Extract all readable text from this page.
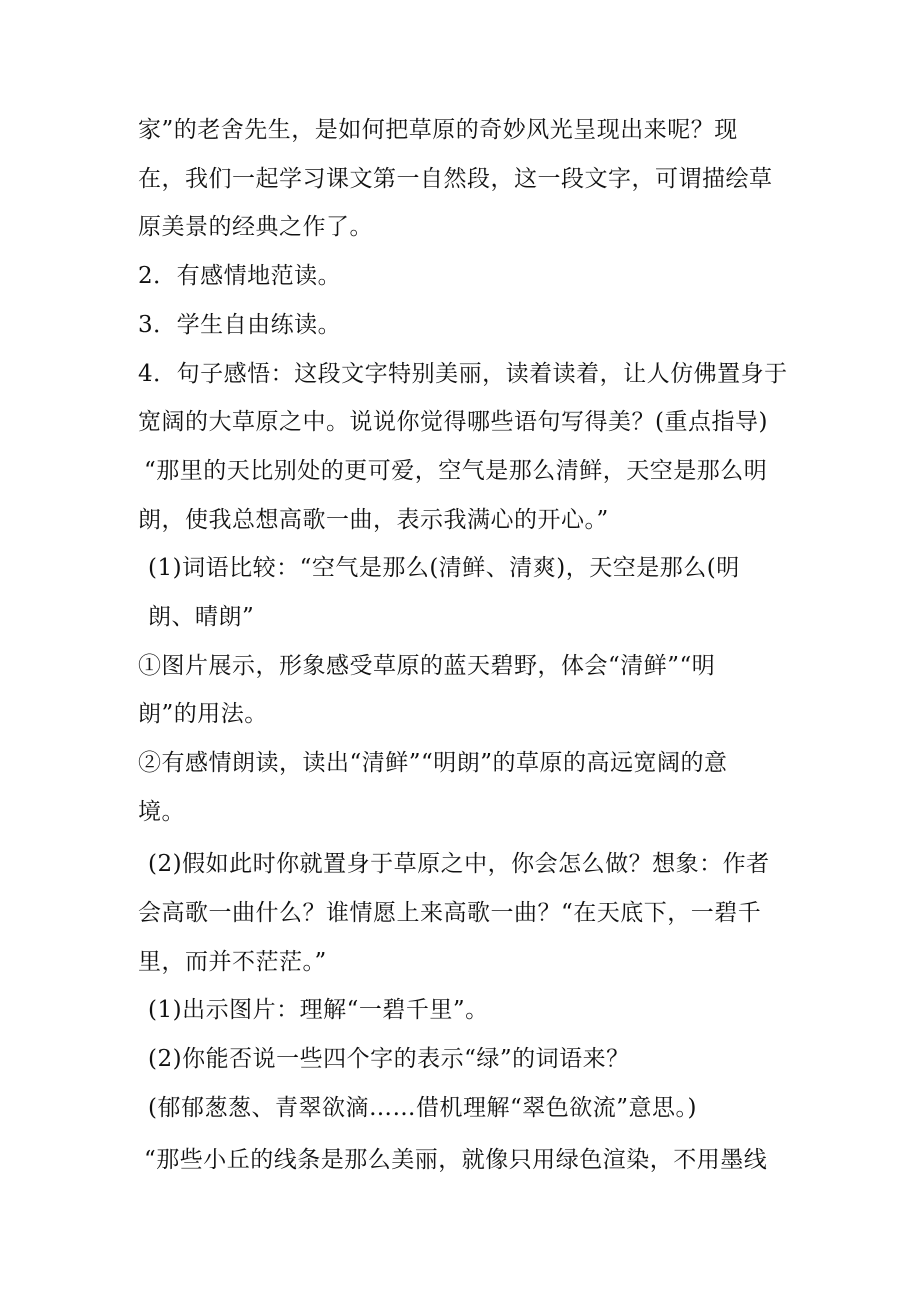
家”的老舍先生，是如何把草原的奇妙风光呈现出来呢？现
在，我们一起学习课文第一自然段，这一段文字，可谓描绘草
原美景的经典之作了。
2．有感情地范读。
3．学生自由练读。
4．句子感悟：这段文字特别美丽，读着读着，让人仿佛置身于
宽阔的大草原之中。说说你觉得哪些语句写得美？(重点指导)
“那里的天比别处的更可爱，空气是那么清鲜，天空是那么明
朗，使我总想高歌一曲，表示我满心的开心。”
(1)词语比较：“空气是那么(清鲜、清爽)，天空是那么(明
朗、晴朗”
①图片展示，形象感受草原的蓝天碧野，体会“清鲜”“明
朗”的用法。
②有感情朗读，读出“清鲜”“明朗”的草原的高远宽阔的意
境。
(2)假如此时你就置身于草原之中，你会怎么做？想象：作者
会高歌一曲什么？谁情愿上来高歌一曲？“在天底下，一碧千
里，而并不茫茫。”
(1)出示图片：理解“一碧千里”。
(2)你能否说一些四个字的表示“绿”的词语来？
(郁郁葱葱、青翠欲滴……借机理解“翠色欲流”意思。)
“那些小丘的线条是那么美丽，就像只用绿色渲染，不用墨线
